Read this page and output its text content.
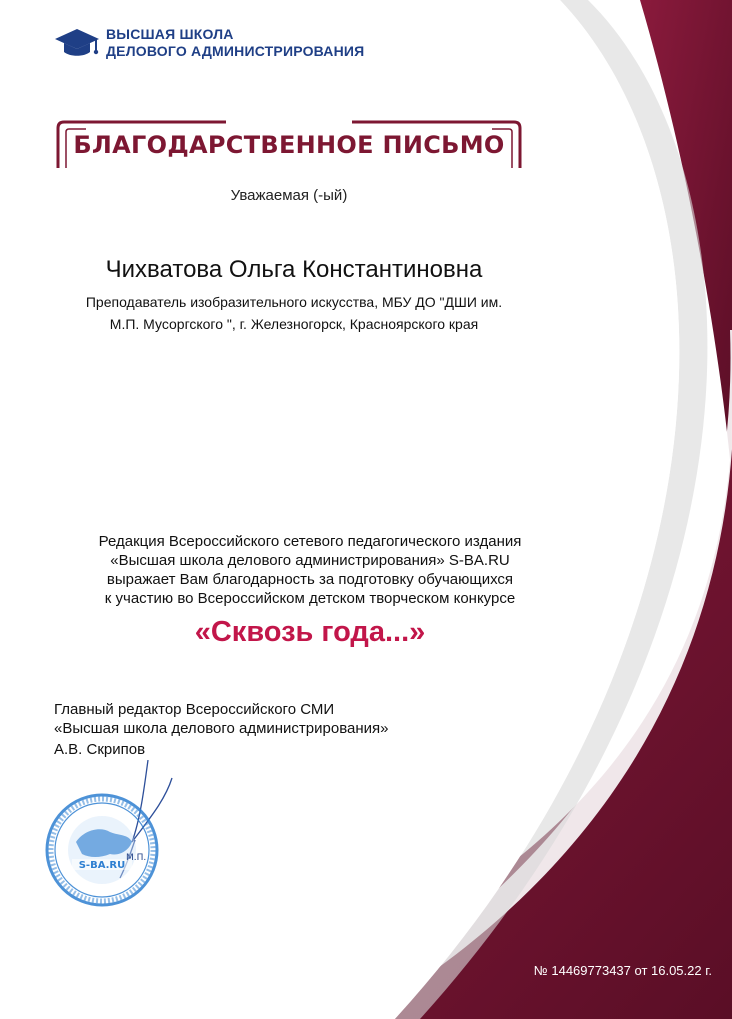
ВЫСШАЯ ШКОЛА
ДЕЛОВОГО АДМИНИСТРИРОВАНИЯ
БЛАГОДАРСТВЕННОЕ ПИСЬМО
Уважаемая (-ый)
Чихватова Ольга Константиновна
Преподаватель изобразительного искусства, МБУ ДО "ДШИ им.
М.П. Мусоргского ", г. Железногорск, Красноярского края
Редакция Всероссийского сетевого педагогического издания
«Высшая школа делового администрирования» S-BA.RU
выражает Вам благодарность за подготовку обучающихся
к участию во Всероссийском детском творческом конкурсе
«Сквозь года...»
Главный редактор Всероссийского СМИ
«Высшая школа делового администрирования»
А.В. Скрипов
S-BA.RU
М.П.
№ 14469773437 от 16.05.22 г.
